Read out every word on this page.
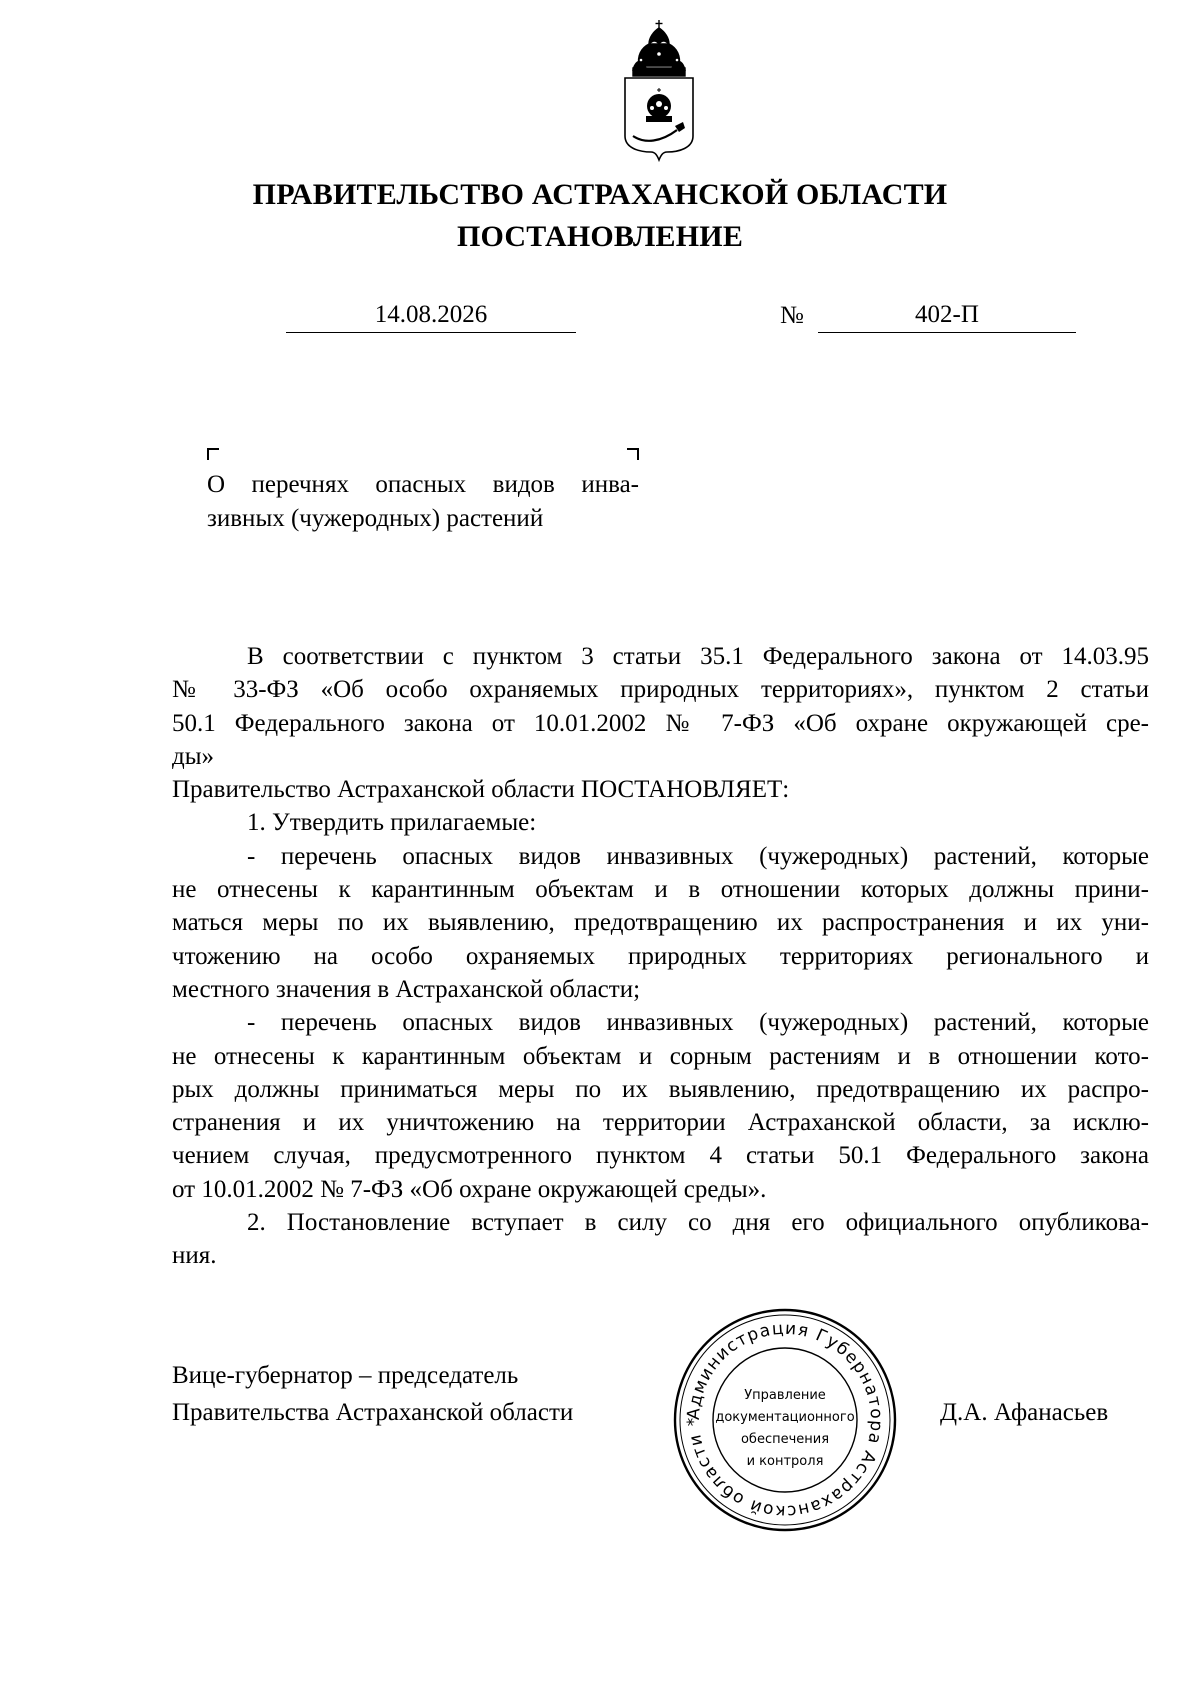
ПРАВИТЕЛЬСТВО АСТРАХАНСКОЙ ОБЛАСТИ
ПОСТАНОВЛЕНИЕ
14.08.2026	№	402-П
О перечнях опасных видов инва-
зивных (чужеродных) растений

В соответствии с пунктом 3 статьи 35.1 Федерального закона от 14.03.95
№ 33-ФЗ «Об особо охраняемых природных территориях», пунктом 2 статьи
50.1 Федерального закона от 10.01.2002 № 7-ФЗ «Об охране окружающей сре-
ды»

Правительство Астраханской области ПОСТАНОВЛЯЕТ:

1. Утвердить прилагаемые:

- перечень опасных видов инвазивных (чужеродных) растений, которые
не отнесены к карантинным объектам и в отношении которых должны прини-
маться меры по их выявлению, предотвращению их распространения и их уни-
чтожению на особо охраняемых природных территориях регионального и
местного значения в Астраханской области;

- перечень опасных видов инвазивных (чужеродных) растений, которые
не отнесены к карантинным объектам и сорным растениям и в отношении кото-
рых должны приниматься меры по их выявлению, предотвращению их распро-
странения и их уничтожению на территории Астраханской области, за исклю-
чением случая, предусмотренного пунктом 4 статьи 50.1 Федерального закона
от 10.01.2002 № 7-ФЗ «Об охране окружающей среды».

2. Постановление вступает в силу со дня его официального опубликова-
ния.

Вице-губернатор – председатель
Правительства Астраханской области	Д.А. Афанасьев
Администрация Губернатора Астраханской области *
Управление
документационного
обеспечения
и контроля
